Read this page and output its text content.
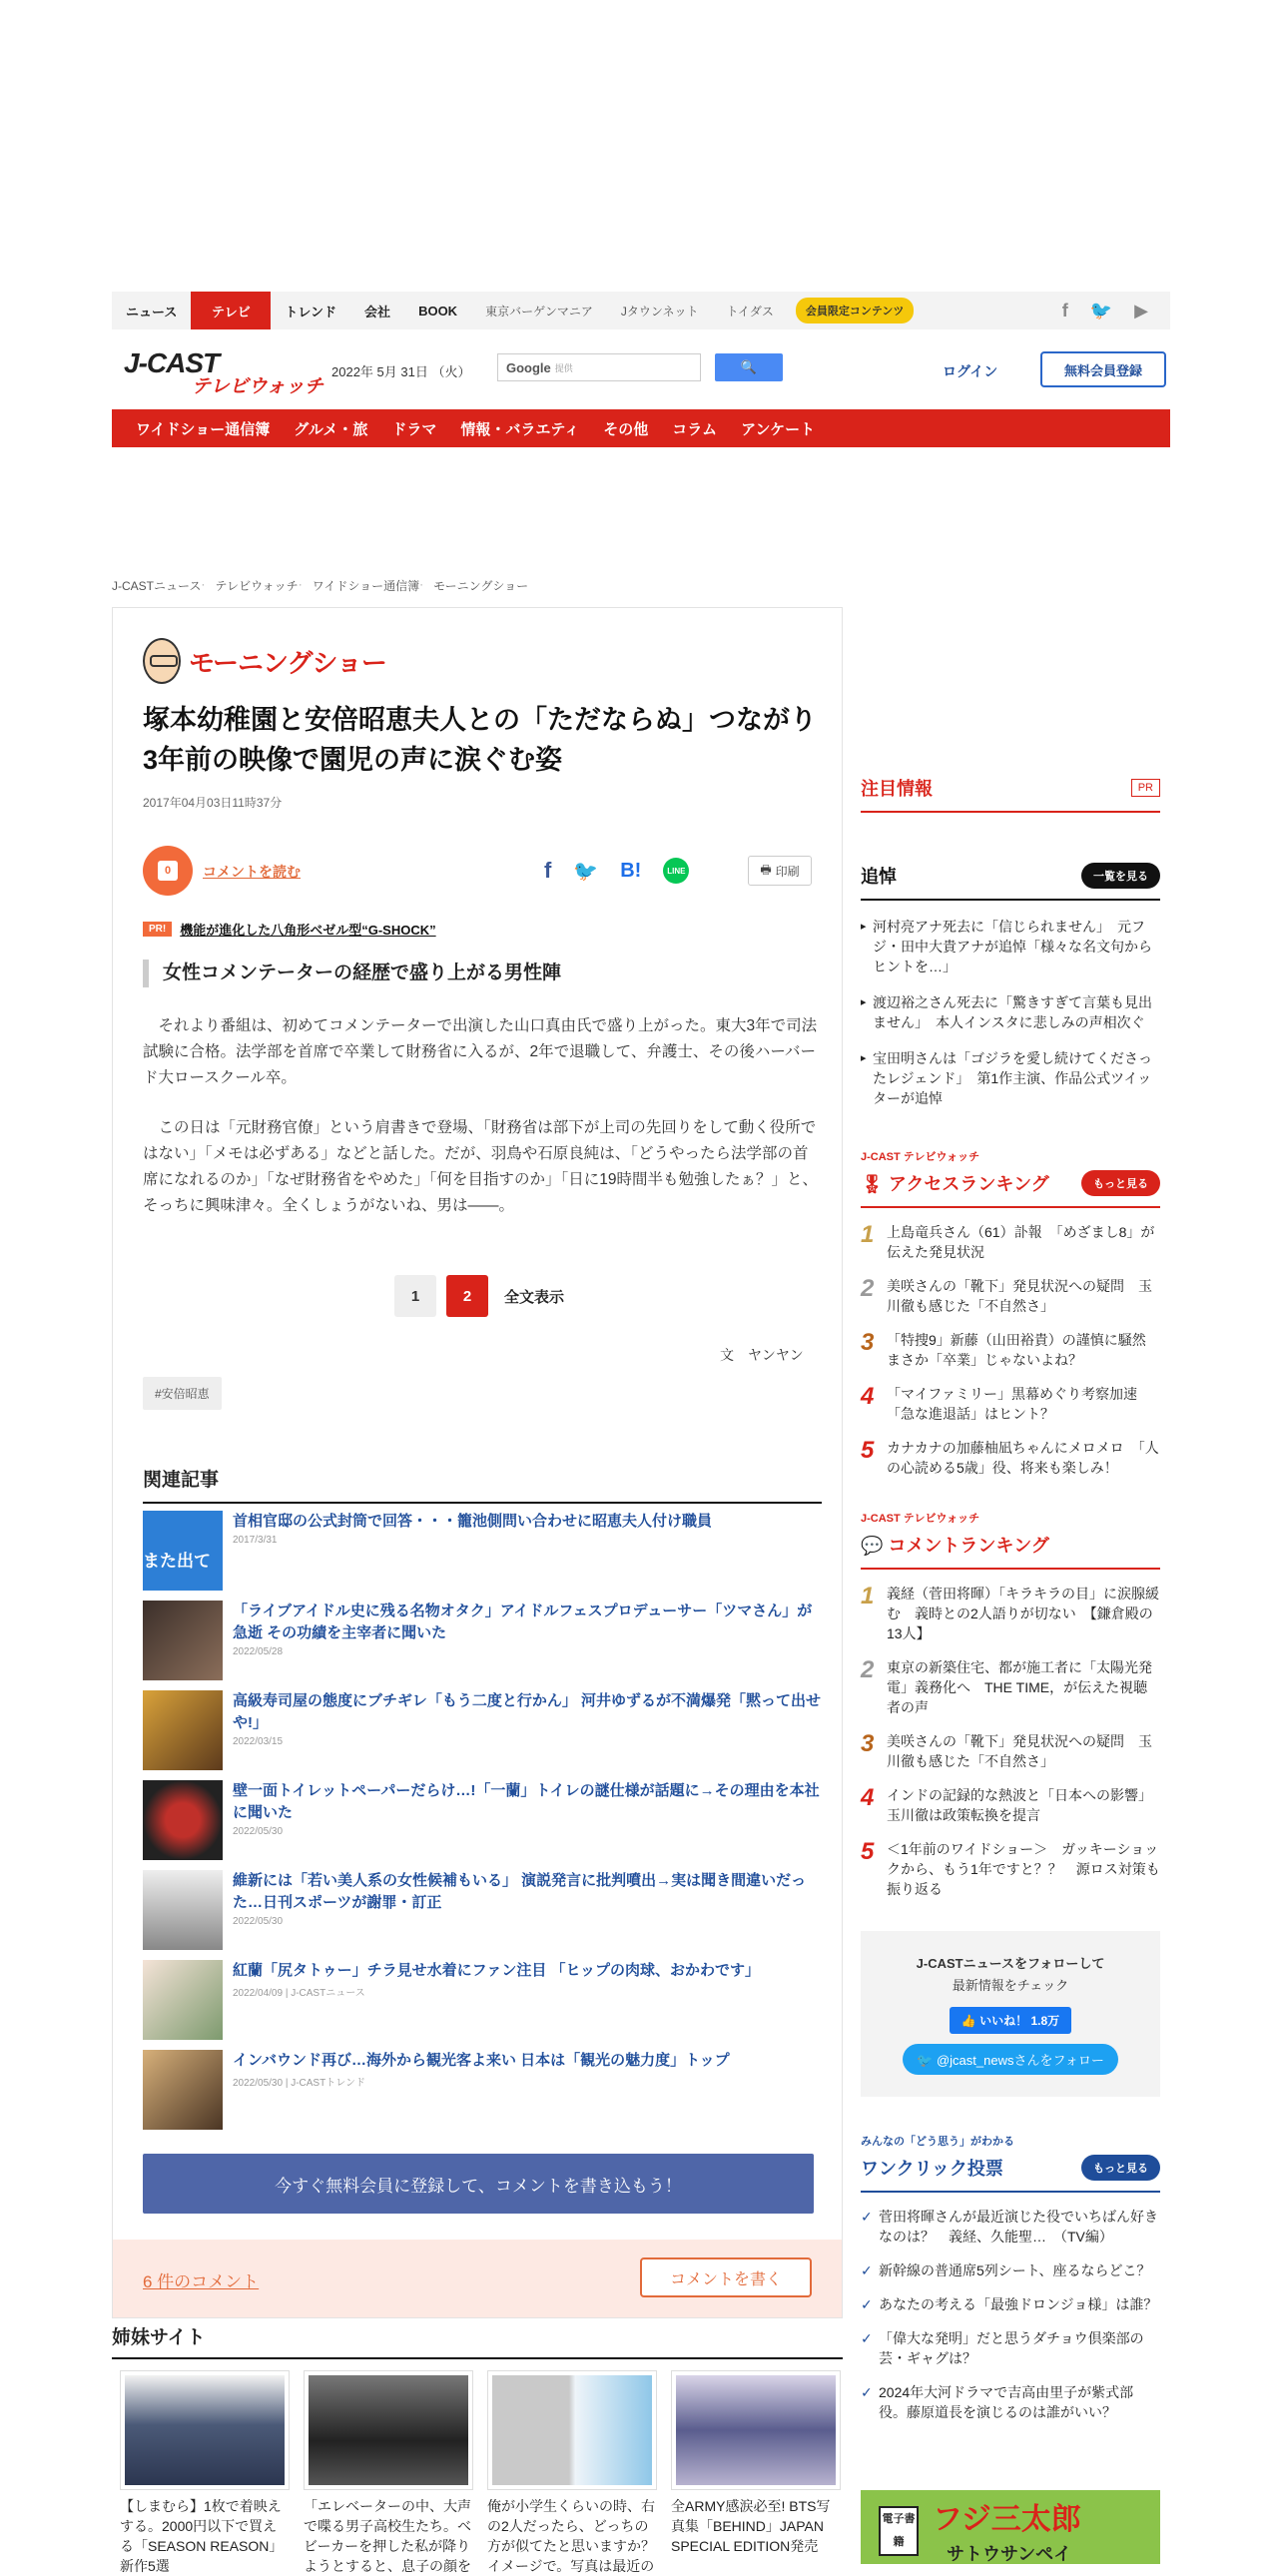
ニュース	テレビ	トレンド	会社	BOOK	東京バーゲンマニア	Jタウンネット	トイダス	会員限定コンテンツ	f 🐦 ▶
J-CAST
テレビウォッチ
2022年 5月 31日 （火）	Google 提供	🔍	ログイン	無料会員登録
ワイドショー通信簿	グルメ・旅	ドラマ	情報・バラエティ	その他	コラム	アンケート
J-CASTニュース · テレビウォッチ · ワイドショー通信簿 · モーニングショー
モーニングショー
塚本幼稚園と安倍昭恵夫人との「ただならぬ」つながり　3年前の映像で園児の声に涙ぐむ姿
2017年04月03日11時37分
0	コメントを読む	f 🐦 B!	LINE	🖶 印刷
PR!	機能が進化した八角形ベゼル型“G-SHOCK”
女性コメンテーターの経歴で盛り上がる男性陣

　それより番組は、初めてコメンテーターで出演した山口真由氏で盛り上がった。東大3年で司法試験に合格。法学部を首席で卒業して財務省に入るが、2年で退職して、弁護士、その後ハーバード大ロースクール卒。

　この日は「元財務官僚」という肩書きで登場、「財務省は部下が上司の先回りをして動く役所ではない」「メモは必ずある」などと話した。だが、羽鳥や石原良純は、「どうやったら法学部の首席になれるのか」「なぜ財務省をやめた」「何を目指すのか」「日に19時間半も勉強したぁ？」と、そっちに興味津々。全くしょうがないね、男は――。

1	2	全文表示
文　ヤンヤン
#安倍昭恵
関連記事
また出て
首相官邸の公式封筒で回答・・・籠池側問い合わせに昭恵夫人付け職員
2017/3/31
「ライブアイドル史に残る名物オタク」アイドルフェスプロデューサー「ツマさん」が急逝 その功績を主宰者に聞いた
2022/05/28
高級寿司屋の態度にブチギレ「もう二度と行かん」 河井ゆずるが不満爆発「黙って出せや!」
2022/03/15
壁一面トイレットペーパーだらけ…!「一蘭」トイレの謎仕様が話題に→その理由を本社に聞いた
2022/05/30
維新には「若い美人系の女性候補もいる」 演説発言に批判噴出→実は聞き間違いだった…日刊スポーツが謝罪・訂正
2022/05/30
紅蘭「尻タトゥー」チラ見せ水着にファン注目 「ヒップの肉球、おかわです」
2022/04/09 | J-CASTニュース
インバウンド再び…海外から観光客よ来い 日本は「観光の魅力度」トップ
2022/05/30 | J-CASTトレンド
今すぐ無料会員に登録して、コメントを書き込もう！
6 件のコメント	コメントを書く
姉妹サイト
【しまむら】1枚で着映えする。2000円以下で買える「SEASON REASON」新作5選
「エレベーターの中、大声で喋る男子高校生たち。ベビーカーを押した私が降りようとすると、息子の顔を
俺が小学生くらいの時、右の2人だったら、どっちの方が似てたと思いますか？イメージで。写真は最近の
全ARMY感涙必至! BTS写真集「BEHIND」JAPAN SPECIAL EDITION発売
注目情報	PR
追悼	一覧を見る
▸ 河村亮アナ死去に「信じられません」　元フジ・田中大貴アナが追悼「様々な名文句からヒントを…」
▸ 渡辺裕之さん死去に「驚きすぎて言葉も見出ません」　本人インスタに悲しみの声相次ぐ
▸ 宝田明さんは「ゴジラを愛し続けてくださったレジェンド」　第1作主演、作品公式ツイッターが追悼
J-CAST テレビウォッチ
🎖 アクセスランキング	もっと見る
1 上島竜兵さん（61）訃報　「めざまし8」が伝えた発見状況
2 美咲さんの「靴下」発見状況への疑問　玉川徹も感じた「不自然さ」
3 「特捜9」新藤（山田裕貴）の謹慎に騒然　まさか「卒業」じゃないよね？
4 「マイファミリー」黒幕めぐり考察加速「急な進退話」はヒント？
5 カナカナの加藤柚凪ちゃんにメロメロ　「人の心読める5歳」役、将来も楽しみ！
J-CAST テレビウォッチ
💬 コメントランキング
1 義経（菅田将暉）「キラキラの目」に涙腺緩む　義時との2人語りが切ない　【鎌倉殿の13人】
2 東京の新築住宅、都が施工者に「太陽光発電」義務化へ　THE TIME，が伝えた視聴者の声
3 美咲さんの「靴下」発見状況への疑問　玉川徹も感じた「不自然さ」
4 インドの記録的な熱波と「日本への影響」　玉川徹は政策転換を提言
5 ＜1年前のワイドショー＞　ガッキーショックから、もう1年ですと？？　源ロス対策も振り返る
J-CASTニュースをフォローして
最新情報をチェック
👍 いいね！ 1.8万
🐦 @jcast_newsさんをフォロー
みんなの「どう思う」がわかる
ワンクリック投票	もっと見る
✓ 菅田将暉さんが最近演じた役でいちばん好きなのは？　義経、久能聖…　（TV編）
✓ 新幹線の普通席5列シート、座るならどこ？
✓ あなたの考える「最強ドロンジョ様」は誰？
✓ 「偉大な発明」だと思うダチョウ倶楽部の芸・ギャグは？
✓ 2024年大河ドラマで吉高由里子が紫式部役。藤原道長を演じるのは誰がいい？
電子書籍
フジ三太郎
サトウサンペイ
